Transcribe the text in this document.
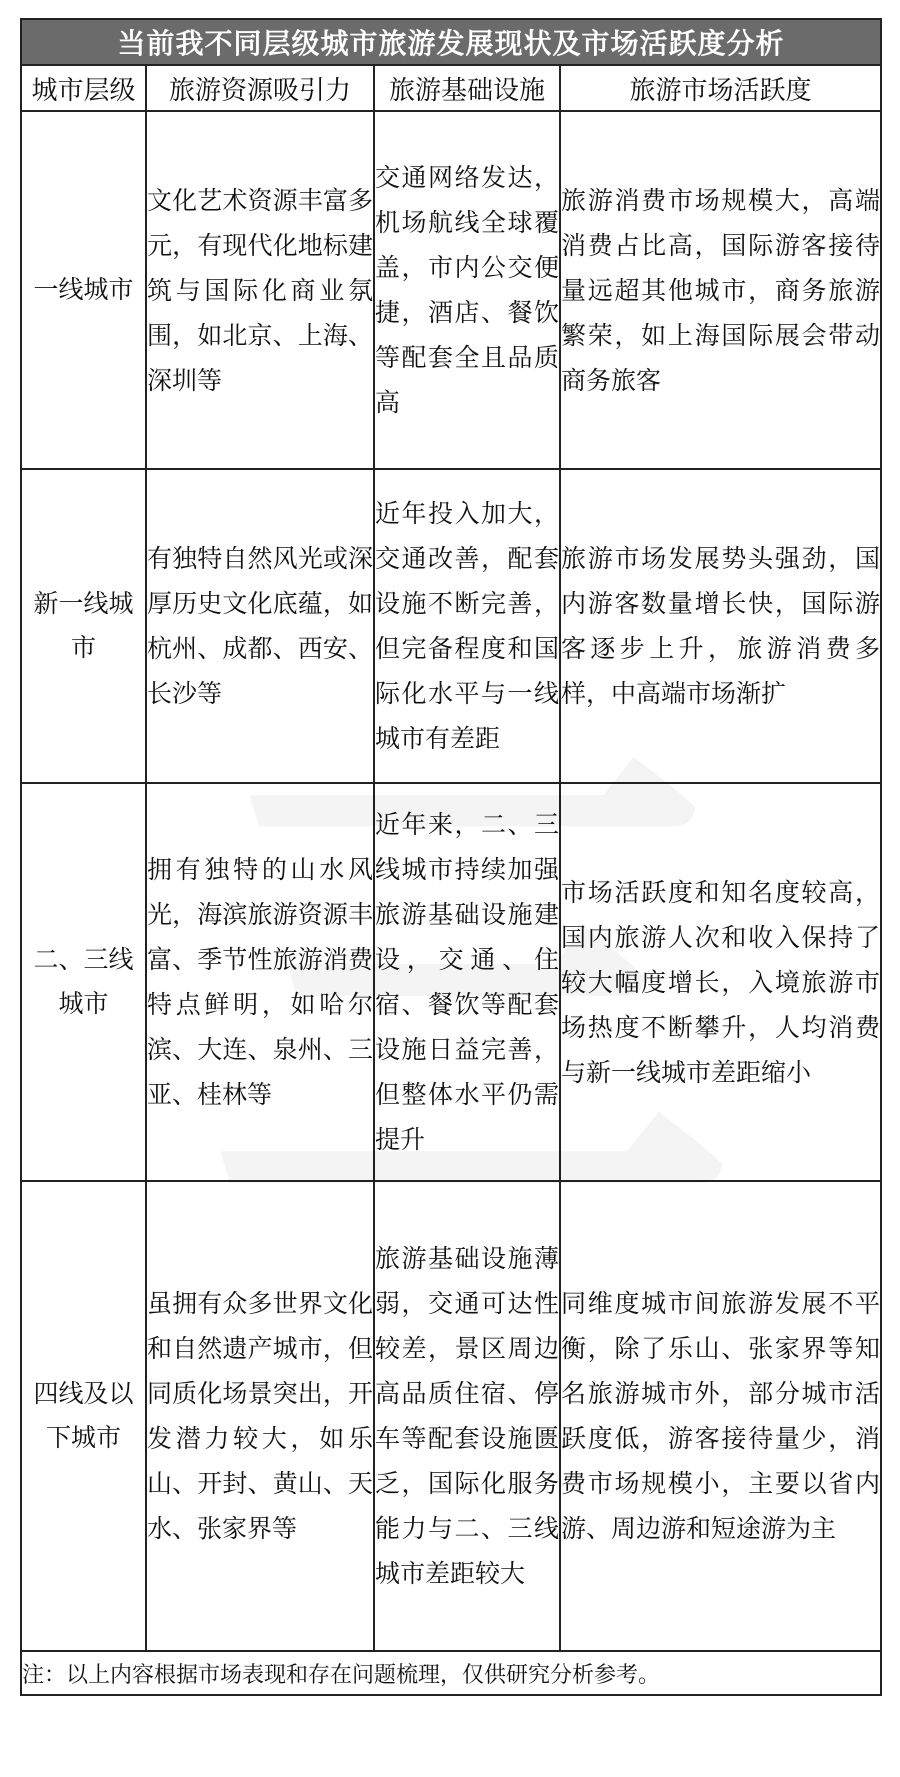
当前我不同层级城市旅游发展现状及市场活跃度分析			
城市层级	旅游资源吸引力	旅游基础设施	旅游市场活跃度
一线城市	文化艺术资源丰富多元，有现代化地标建筑与国际化商业氛围，如北京、上海、深圳等	交通网络发达，机场航线全球覆盖，市内公交便捷，酒店、餐饮等配套全且品质高	旅游消费市场规模大，高端消费占比高，国际游客接待量远超其他城市，商务旅游繁荣，如上海国际展会带动商务旅客
新一线城市	有独特自然风光或深厚历史文化底蕴，如杭州、成都、西安、长沙等	近年投入加大，交通改善，配套设施不断完善，但完备程度和国际化水平与一线城市有差距	旅游市场发展势头强劲，国内游客数量增长快，国际游客逐步上升，旅游消费多样，中高端市场渐扩
二、三线城市	拥有独特的山水风光，海滨旅游资源丰富、季节性旅游消费特点鲜明，如哈尔滨、大连、泉州、三亚、桂林等	近年来，二、三线城市持续加强旅游基础设施建设，交通、住宿、餐饮等配套设施日益完善，但整体水平仍需提升	市场活跃度和知名度较高，国内旅游人次和收入保持了较大幅度增长，入境旅游市场热度不断攀升，人均消费与新一线城市差距缩小
四线及以下城市	虽拥有众多世界文化和自然遗产城市，但同质化场景突出，开发潜力较大，如乐山、开封、黄山、天水、张家界等	旅游基础设施薄弱，交通可达性较差，景区周边高品质住宿、停车等配套设施匮乏，国际化服务能力与二、三线城市差距较大	同维度城市间旅游发展不平衡，除了乐山、张家界等知名旅游城市外，部分城市活跃度低，游客接待量少，消费市场规模小，主要以省内游、周边游和短途游为主
注：以上内容根据市场表现和存在问题梳理，仅供研究分析参考。			
